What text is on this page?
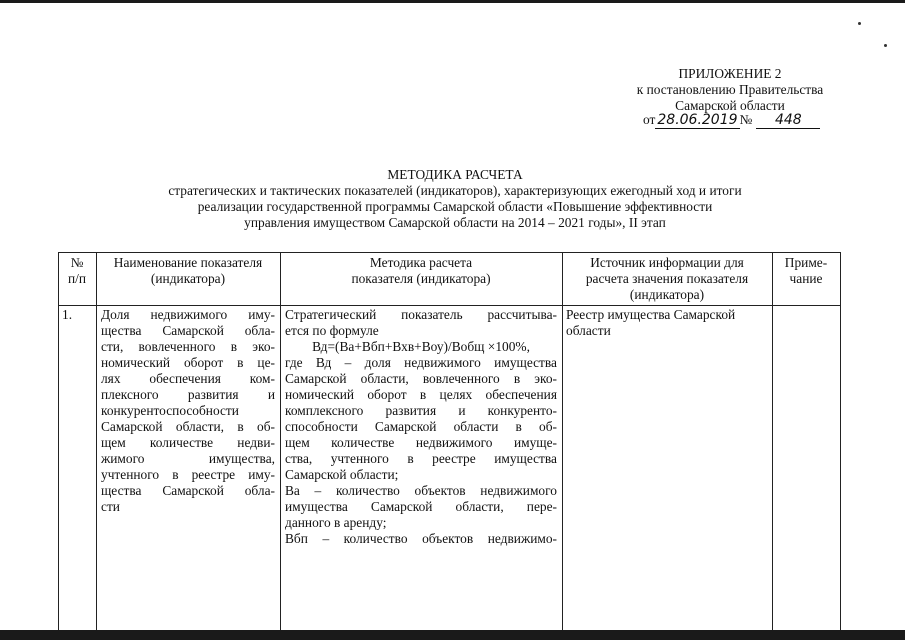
ПРИЛОЖЕНИЕ 2
к постановлению Правительства
Самарской области
от 28.06.2019 № 448
МЕТОДИКА РАСЧЕТА
стратегических и тактических показателей (индикаторов), характеризующих ежегодный ход и итоги
реализации государственной программы Самарской области «Повышение эффективности
управления имуществом Самарской области на 2014 – 2021 годы», II этап
№
п/п
Наименование показателя
(индикатора)
Методика расчета
показателя (индикатора)
Источник информации для
расчета значения показателя
(индикатора)
Приме-
чание
1.	Доля недвижимого иму-
щества Самарской обла-
сти, вовлеченного в эко-
номический оборот в це-
лях обеспечения ком-
плексного развития и
конкурентоспособности
Самарской области, в об-
щем количестве недви-
жимого имущества,
учтенного в реестре иму-
щества Самарской обла-
сти
Стратегический показатель рассчитыва-
ется по формуле
Вд=(Ва+Вбп+Вхв+Воу)/Вобщ ×100%,
где Вд – доля недвижимого имущества
Самарской области, вовлеченного в эко-
номический оборот в целях обеспечения
комплексного развития и конкуренто-
способности Самарской области в об-
щем количестве недвижимого имуще-
ства, учтенного в реестре имущества
Самарской области;
Ва – количество объектов недвижимого
имущества Самарской области, пере-
данного в аренду;
Вбп – количество объектов недвижимо-
Реестр имущества Самарской
области
